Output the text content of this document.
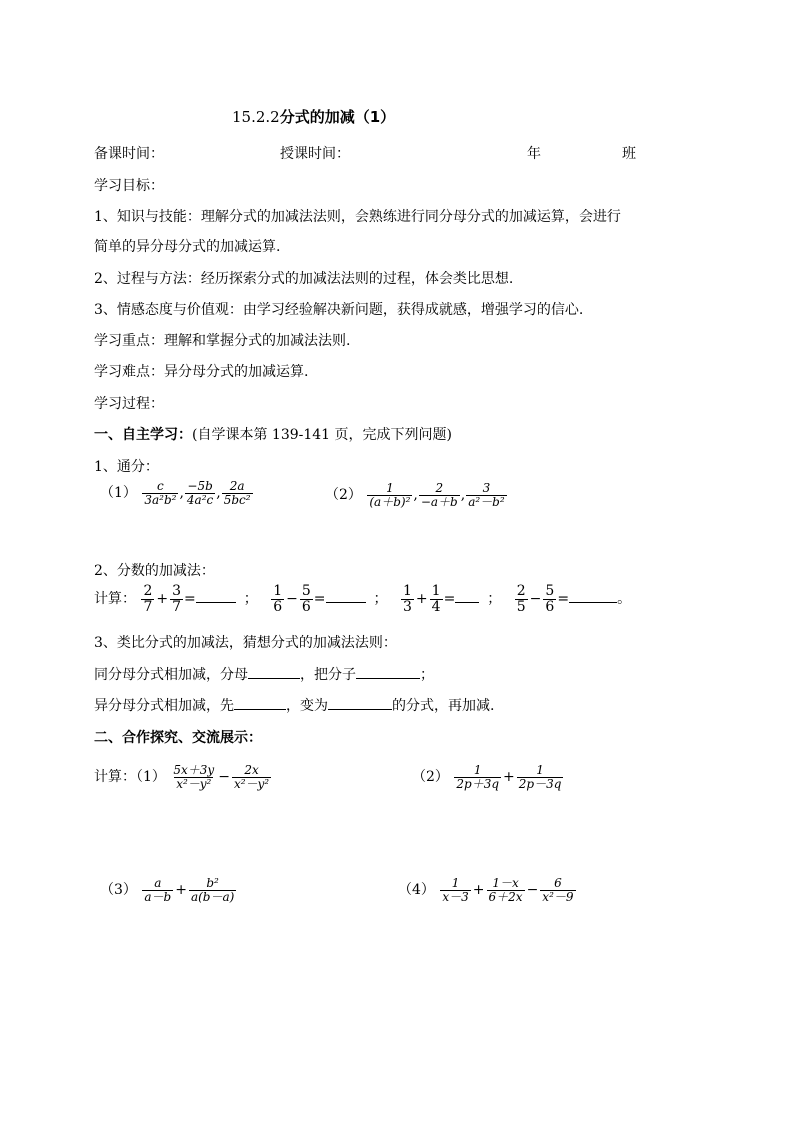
15.2.2分式的加减（1）
备课时间：	授课时间：	年	班
学习目标：
1、知识与技能：理解分式的加减法法则，会熟练进行同分母分式的加减运算，会进行
简单的异分母分式的加减运算.
2、过程与方法：经历探索分式的加减法法则的过程，体会类比思想.
3、情感态度与价值观：由学习经验解决新问题，获得成就感，增强学习的信心.
学习重点：理解和掌握分式的加减法法则.
学习难点：异分母分式的加减运算.
学习过程：
一、自主学习：(自学课本第 139-141 页，完成下列问题)
1、通分：
$(1) \frac{c}{\text{3a²b²}}$ , $\frac{-5b}{\text{4a²c}}$ , $\frac{2a}{\text{5bc²}}$	$(2) \frac{1}{\text{(a＋b)²}}$ , $\frac{2}{-a+b}$ , $\frac{3}{\text{a²－b²}}$
2、分数的加减法：
计算： $\frac{2}{7} + \frac{3}{7}$ =	； $\frac{1}{6} - \frac{5}{6}$ =	； $\frac{1}{3} + \frac{1}{4}$ = ； $\frac{2}{5} - \frac{5}{6}$ =	。
3、类比分式的加减法，猜想分式的加减法法则：
同分母分式相加减，分母	，把分子	；
异分母分式相加减，先	，变为	的分式，再加减.
二、合作探究、交流展示：
计算：$(1) \frac{5x+3y}{\text{x²－y²}} - \frac{2x}{\text{x²－y²}}$	$(2) \frac{1}{2p+3q} + \frac{1}{2p-3q}$
$(3) \frac{a}{a-b} + \frac{\text{b²}}{a(b-a)}$	$(4) \frac{1}{x-3} + \frac{1-x}{6+2x} - \frac{6}{\text{x²－9}}$
